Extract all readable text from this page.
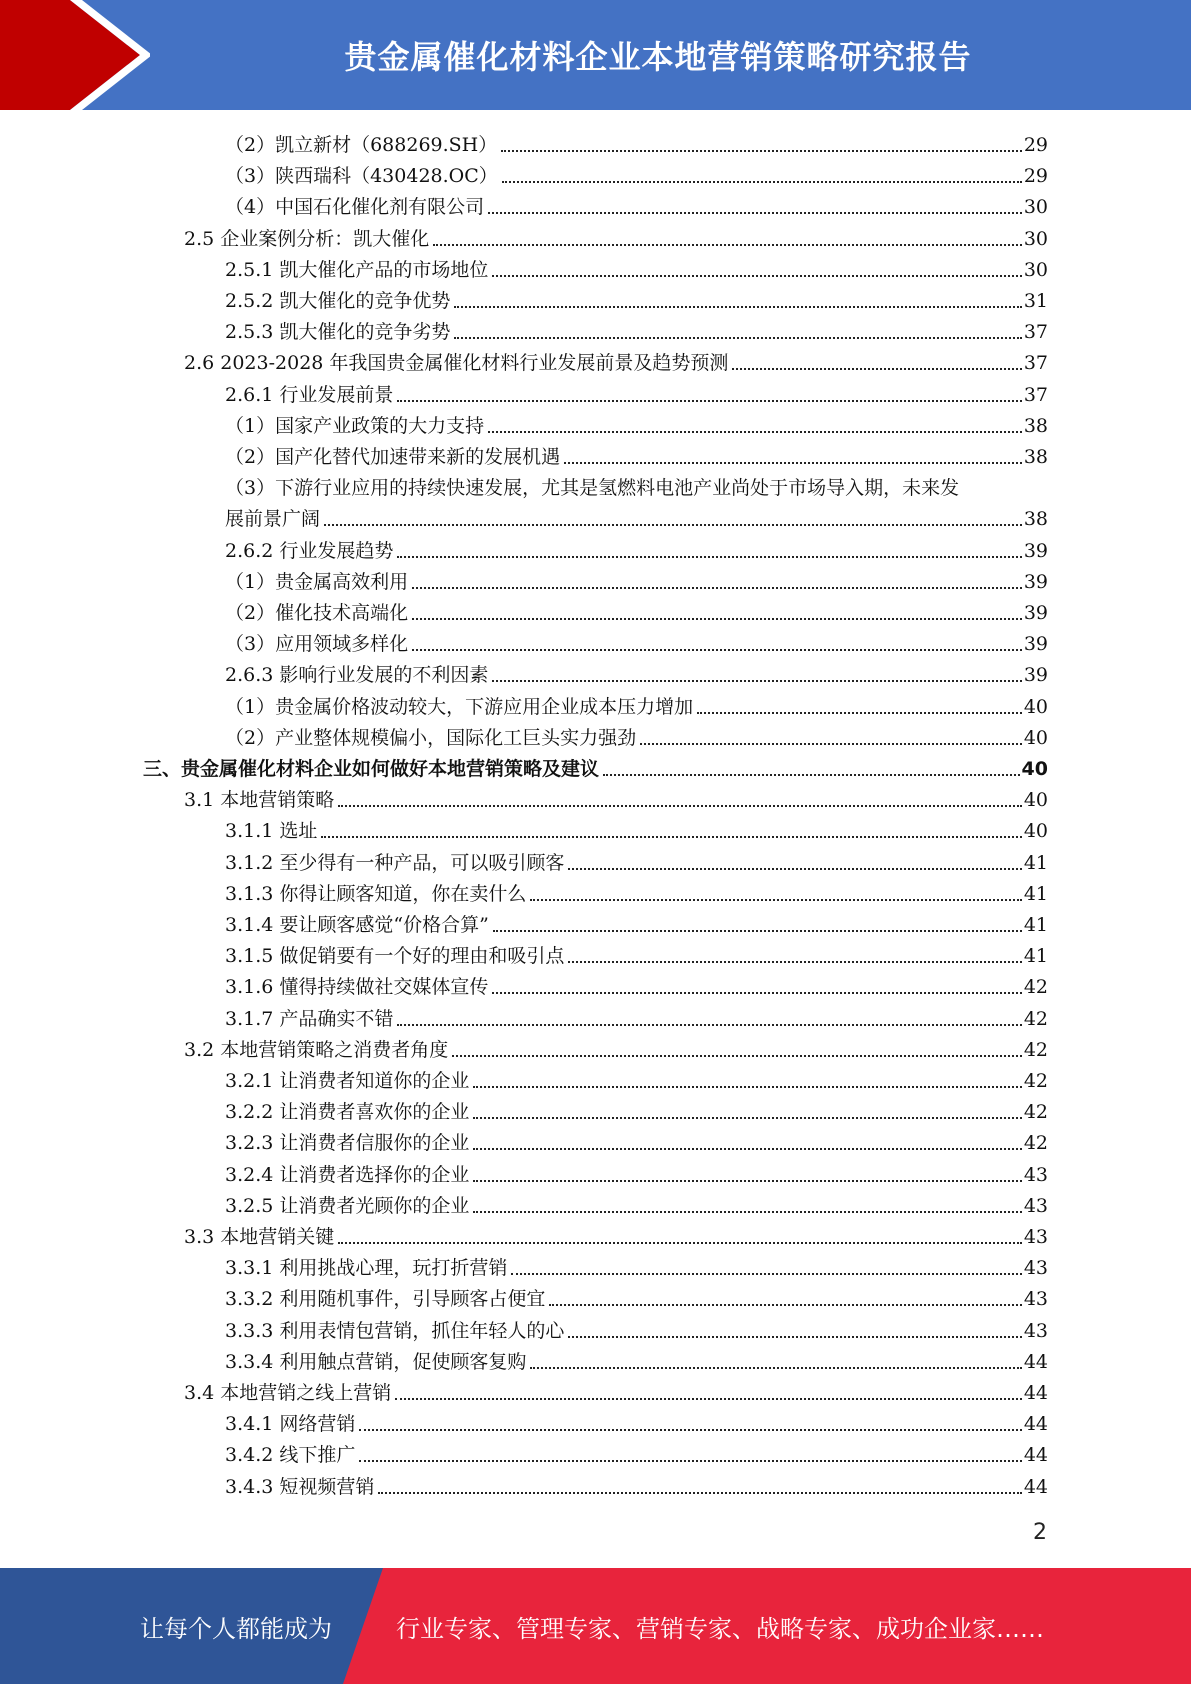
贵金属催化材料企业本地营销策略研究报告
（2）凯立新材（688269.SH）	29
（3）陕西瑞科（430428.OC）	29
（4）中国石化催化剂有限公司	30
2.5 企业案例分析：凯大催化	30
2.5.1 凯大催化产品的市场地位	30
2.5.2 凯大催化的竞争优势	31
2.5.3 凯大催化的竞争劣势	37
2.6 2023-2028 年我国贵金属催化材料行业发展前景及趋势预测	37
2.6.1 行业发展前景	37
（1）国家产业政策的大力支持	38
（2）国产化替代加速带来新的发展机遇	38
（3）下游行业应用的持续快速发展，尤其是氢燃料电池产业尚处于市场导入期，未来发
展前景广阔	38
2.6.2 行业发展趋势	39
（1）贵金属高效利用	39
（2）催化技术高端化	39
（3）应用领域多样化	39
2.6.3 影响行业发展的不利因素	39
（1）贵金属价格波动较大，下游应用企业成本压力增加	40
（2）产业整体规模偏小，国际化工巨头实力强劲	40
三、贵金属催化材料企业如何做好本地营销策略及建议	40
3.1 本地营销策略	40
3.1.1 选址	40
3.1.2 至少得有一种产品，可以吸引顾客	41
3.1.3 你得让顾客知道，你在卖什么	41
3.1.4 要让顾客感觉“价格合算”	41
3.1.5 做促销要有一个好的理由和吸引点	41
3.1.6 懂得持续做社交媒体宣传	42
3.1.7 产品确实不错	42
3.2 本地营销策略之消费者角度	42
3.2.1 让消费者知道你的企业	42
3.2.2 让消费者喜欢你的企业	42
3.2.3 让消费者信服你的企业	42
3.2.4 让消费者选择你的企业	43
3.2.5 让消费者光顾你的企业	43
3.3 本地营销关键	43
3.3.1 利用挑战心理，玩打折营销	43
3.3.2 利用随机事件，引导顾客占便宜	43
3.3.3 利用表情包营销，抓住年轻人的心	43
3.3.4 利用触点营销，促使顾客复购	44
3.4 本地营销之线上营销	44
3.4.1 网络营销	44
3.4.2 线下推广	44
3.4.3 短视频营销	44
2
让每个人都能成为	行业专家、管理专家、营销专家、战略专家、成功企业家……
